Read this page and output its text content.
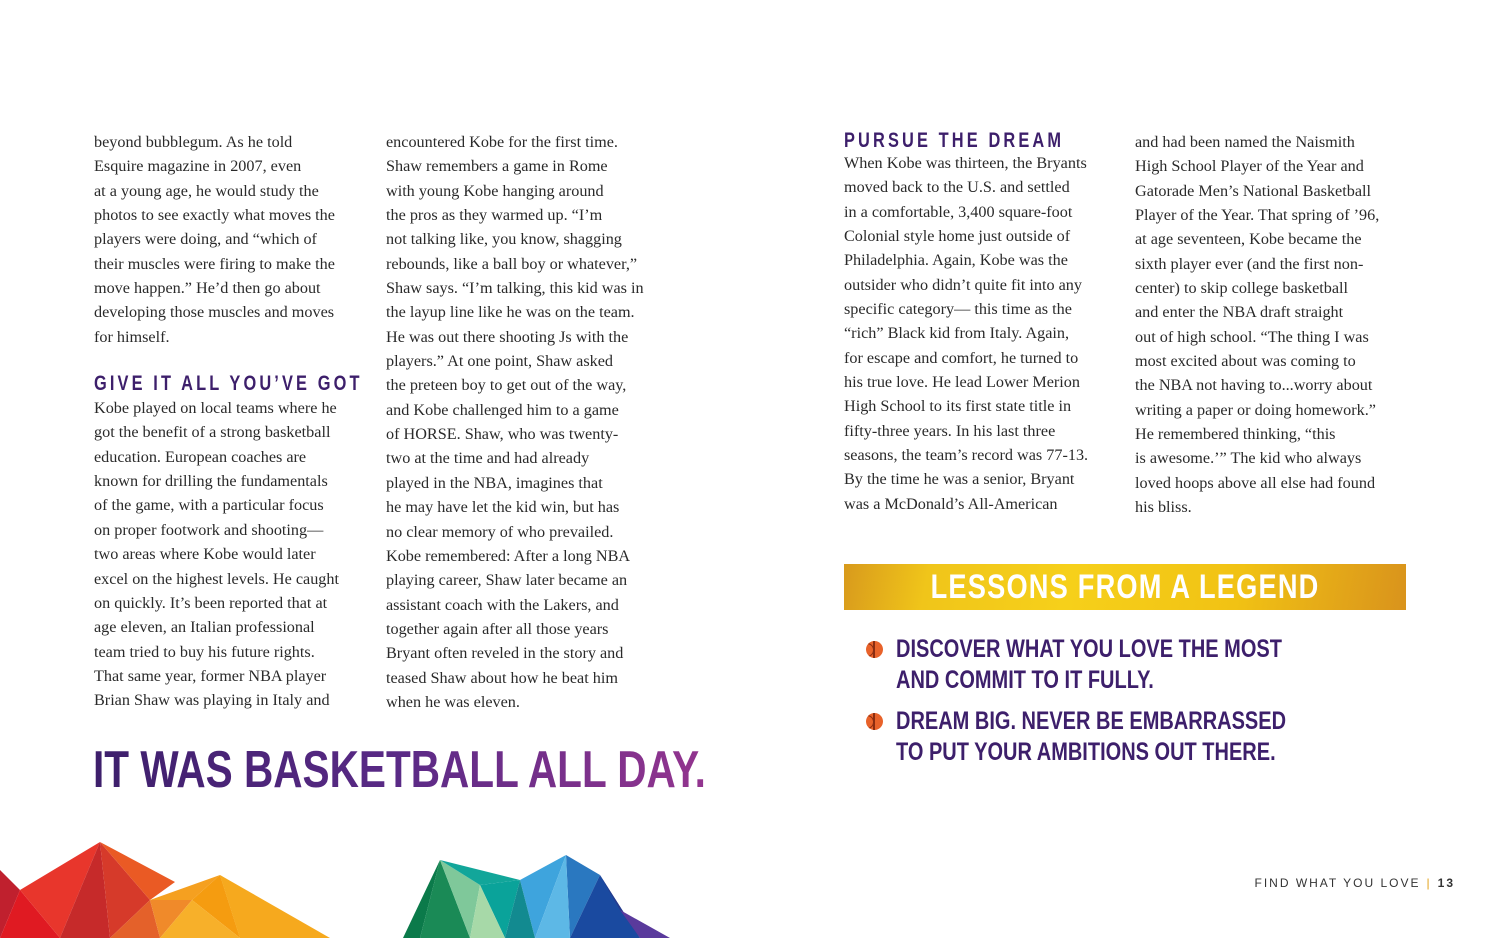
beyond bubblegum. As he told
Esquire magazine in 2007, even
at a young age, he would study the
photos to see exactly what moves the
players were doing, and “which of
their muscles were firing to make the
move happen.” He’d then go about
developing those muscles and moves
for himself.
GIVE IT ALL YOU’VE GOT
Kobe played on local teams where he
got the benefit of a strong basketball
education. European coaches are
known for drilling the fundamentals
of the game, with a particular focus
on proper footwork and shooting—
two areas where Kobe would later
excel on the highest levels. He caught
on quickly. It’s been reported that at
age eleven, an Italian professional
team tried to buy his future rights.
That same year, former NBA player
Brian Shaw was playing in Italy and
encountered Kobe for the first time.
Shaw remembers a game in Rome
with young Kobe hanging around
the pros as they warmed up. “I’m
not talking like, you know, shagging
rebounds, like a ball boy or whatever,”
Shaw says. “I’m talking, this kid was in
the layup line like he was on the team.
He was out there shooting Js with the
players.” At one point, Shaw asked
the preteen boy to get out of the way,
and Kobe challenged him to a game
of HORSE. Shaw, who was twenty-
two at the time and had already
played in the NBA, imagines that
he may have let the kid win, but has
no clear memory of who prevailed.
Kobe remembered: After a long NBA
playing career, Shaw later became an
assistant coach with the Lakers, and
together again after all those years
Bryant often reveled in the story and
teased Shaw about how he beat him
when he was eleven.
PURSUE THE DREAM
When Kobe was thirteen, the Bryants
moved back to the U.S. and settled
in a comfortable, 3,400 square-foot
Colonial style home just outside of
Philadelphia. Again, Kobe was the
outsider who didn’t quite fit into any
specific category— this time as the
“rich” Black kid from Italy. Again,
for escape and comfort, he turned to
his true love. He lead Lower Merion
High School to its first state title in
fifty-three years. In his last three
seasons, the team’s record was 77-13.
By the time he was a senior, Bryant
was a McDonald’s All-American
and had been named the Naismith
High School Player of the Year and
Gatorade Men’s National Basketball
Player of the Year. That spring of ’96,
at age seventeen, Kobe became the
sixth player ever (and the first non-
center) to skip college basketball
and enter the NBA draft straight
out of high school. “The thing I was
most excited about was coming to
the NBA not having to...worry about
writing a paper or doing homework.”
He remembered thinking, “this
is awesome.’” The kid who always
loved hoops above all else had found
his bliss.
IT WAS BASKETBALL ALL DAY.
LESSONS FROM A LEGEND
DISCOVER WHAT YOU LOVE THE MOST AND COMMIT TO IT FULLY.
DREAM BIG. NEVER BE EMBARRASSED TO PUT YOUR AMBITIONS OUT THERE.
FIND WHAT YOU LOVE | 13
